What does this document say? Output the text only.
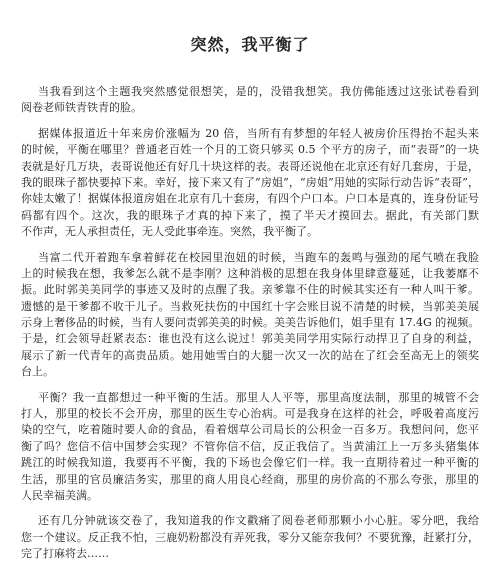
突然，我平衡了
当我看到这个主题我突然感觉很想笑，是的，没错我想笑。我仿佛能透过这张试卷看到
阅卷老师铁青铁青的脸。
据媒体报道近十年来房价涨幅为 20 倍，当所有有梦想的年轻人被房价压得抬不起头来
的时候，平衡在哪里？普通老百姓一个月的工资只够买 0.5 个平方的房子，而“表哥”的一块
表就是好几万块，表哥说他还有好几十块这样的表。表哥还说他在北京还有好几套房，于是，
我的眼珠子都快要掉下来。幸好，接下来又有了“房姐”，“房姐”用她的实际行动告诉“表哥”，
你娃太嫩了！据媒体报道房姐在北京有几十套房，有四个户口本。户口本是真的，连身份证号
码都有四个。这次，我的眼珠子才真的掉下来了，摸了半天才摸回去。据此，有关部门默
不作声，无人承担责任，无人受此事牵连。突然，我平衡了。
当富二代开着跑车拿着鲜花在校园里泡妞的时候，当跑车的轰鸣与强劲的尾气喷在我脸
上的时候我在想，我爹怎么就不是李刚？这种消极的思想在我身体里肆意蔓延，让我萎靡不
振。此时郭美美同学的事迹又及时的点醒了我。亲爹靠不住的时候其实还有一种人叫干爹。
遗憾的是干爹都不收干儿子。当救死扶伤的中国红十字会账目说不清楚的时候，当郭美美展
示身上奢侈品的时候，当有人要问责郭美美的时候。美美告诉他们，姐手里有 17.4G 的视频。
于是，红会领导赶紧表态：谁也没有这么说过！郭美美同学用实际行动捍卫了自身的利益，
展示了新一代青年的高贵品质。她用她雪白的大腿一次又一次的站在了红会至高无上的领奖
台上。
平衡？我一直都想过一种平衡的生活。那里人人平等，那里高度法制，那里的城管不会
打人，那里的校长不会开房，那里的医生专心治病。可是我身在这样的社会，呼吸着高度污
染的空气，吃着随时要人命的食品，看着烟草公司局长的公积金一百多万。我想问问，您平
衡了吗？您信不信中国梦会实现？不管你信不信，反正我信了。当黄浦江上一万多头猪集体
跳江的时候我知道，我要再不平衡，我的下场也会像它们一样。我一直期待着过一种平衡的
生活，那里的官员廉洁务实，那里的商人用良心经商，那里的房价高的不那么夸张，那里的
人民幸福美满。
还有几分钟就该交卷了，我知道我的作文戳痛了阅卷老师那颗小小心脏。零分吧，我给
您一个建议。反正我不怕，三鹿奶粉都没有弄死我，零分又能奈我何？不要犹豫，赶紧打分，
完了打麻将去……
